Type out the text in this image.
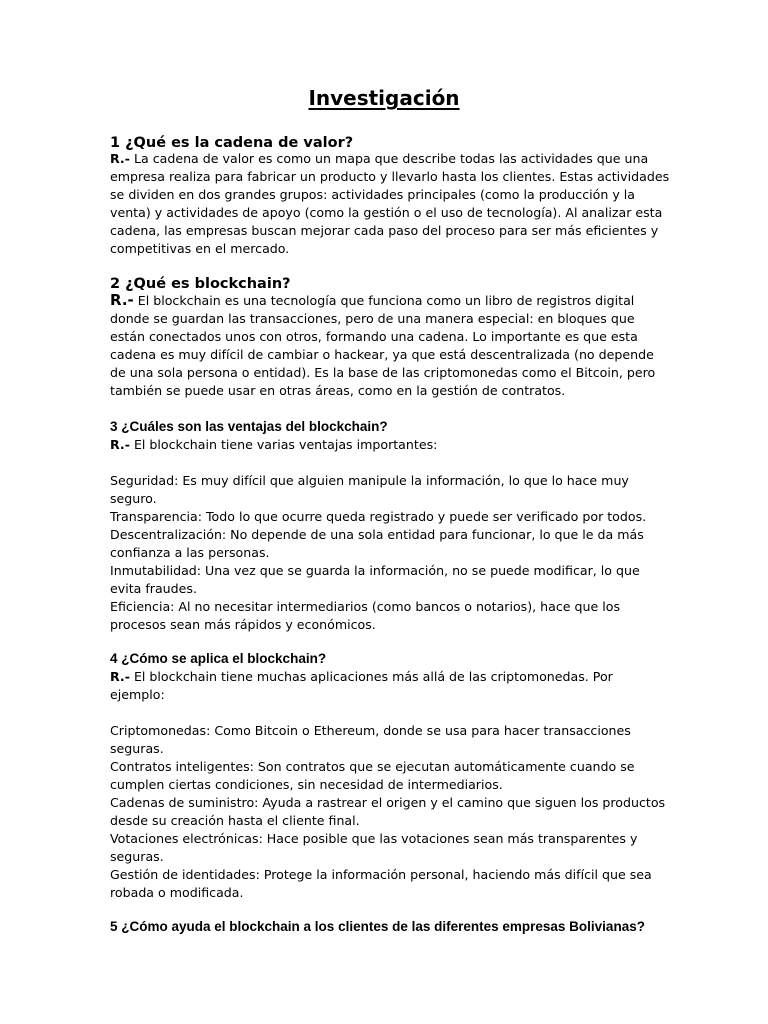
Investigación
1 ¿Qué es la cadena de valor?

R.- La cadena de valor es como un mapa que describe todas las actividades que una empresa realiza para fabricar un producto y llevarlo hasta los clientes. Estas actividades se dividen en dos grandes grupos: actividades principales (como la producción y la venta) y actividades de apoyo (como la gestión o el uso de tecnología). Al analizar esta cadena, las empresas buscan mejorar cada paso del proceso para ser más eficientes y competitivas en el mercado.

2 ¿Qué es blockchain?

R.- El blockchain es una tecnología que funciona como un libro de registros digital donde se guardan las transacciones, pero de una manera especial: en bloques que están conectados unos con otros, formando una cadena. Lo importante es que esta cadena es muy difícil de cambiar o hackear, ya que está descentralizada (no depende de una sola persona o entidad). Es la base de las criptomonedas como el Bitcoin, pero también se puede usar en otras áreas, como en la gestión de contratos.

3 ¿Cuáles son las ventajas del blockchain?

R.- El blockchain tiene varias ventajas importantes:

Seguridad: Es muy difícil que alguien manipule la información, lo que lo hace muy seguro.

Transparencia: Todo lo que ocurre queda registrado y puede ser verificado por todos.

Descentralización: No depende de una sola entidad para funcionar, lo que le da más confianza a las personas.

Inmutabilidad: Una vez que se guarda la información, no se puede modificar, lo que evita fraudes.

Eficiencia: Al no necesitar intermediarios (como bancos o notarios), hace que los procesos sean más rápidos y económicos.

4 ¿Cómo se aplica el blockchain?

R.- El blockchain tiene muchas aplicaciones más allá de las criptomonedas. Por ejemplo:

Criptomonedas: Como Bitcoin o Ethereum, donde se usa para hacer transacciones seguras.

Contratos inteligentes: Son contratos que se ejecutan automáticamente cuando se cumplen ciertas condiciones, sin necesidad de intermediarios.

Cadenas de suministro: Ayuda a rastrear el origen y el camino que siguen los productos desde su creación hasta el cliente final.

Votaciones electrónicas: Hace posible que las votaciones sean más transparentes y seguras.

Gestión de identidades: Protege la información personal, haciendo más difícil que sea robada o modificada.

5 ¿Cómo ayuda el blockchain a los clientes de las diferentes empresas Bolivianas?
